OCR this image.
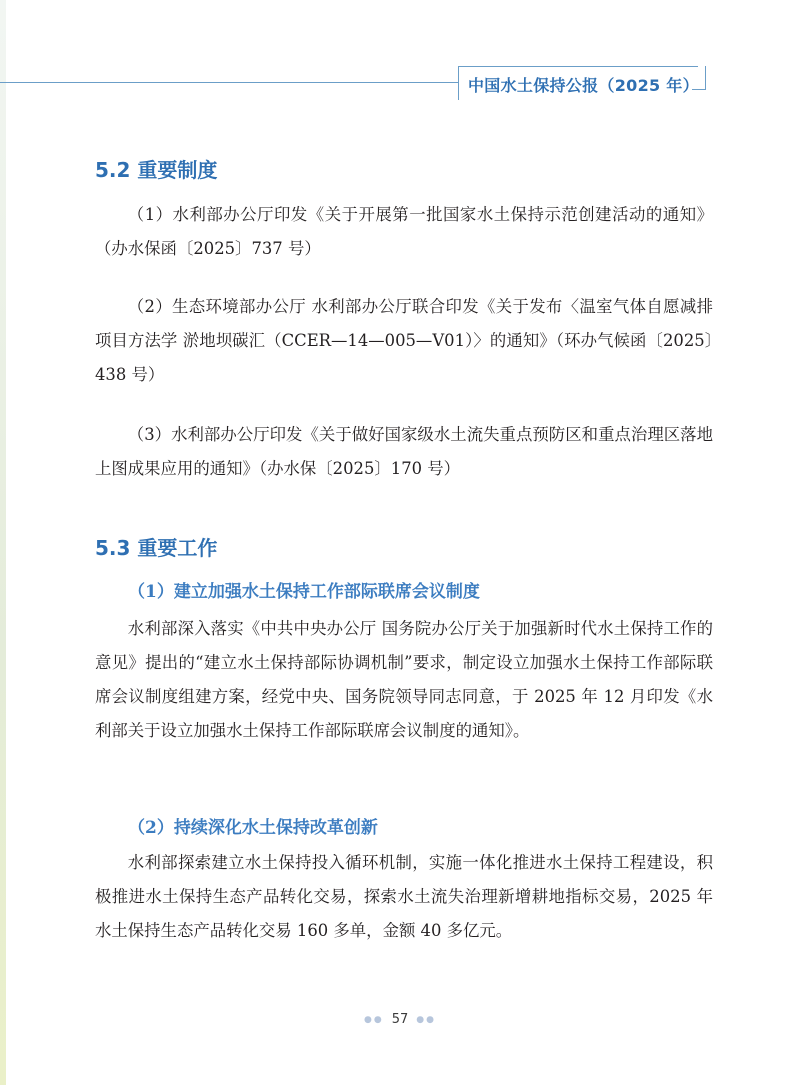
中国水土保持公报（2025 年）
5.2 重要制度

（1）水利部办公厅印发《关于开展第一批国家水土保持示范创建活动的通知》（办水保函〔2025〕737 号）

（2）生态环境部办公厅 水利部办公厅联合印发《关于发布〈温室气体自愿减排项目方法学 淤地坝碳汇（CCER—14—005—V01）〉的通知》（环办气候函〔2025〕438 号）

（3）水利部办公厅印发《关于做好国家级水土流失重点预防区和重点治理区落地上图成果应用的通知》（办水保〔2025〕170 号）

5.3 重要工作
（1）建立加强水土保持工作部际联席会议制度

水利部深入落实《中共中央办公厅 国务院办公厅关于加强新时代水土保持工作的意见》提出的“建立水土保持部际协调机制”要求，制定设立加强水土保持工作部际联席会议制度组建方案，经党中央、国务院领导同志同意，于 2025 年 12 月印发《水利部关于设立加强水土保持工作部际联席会议制度的通知》。

（2）持续深化水土保持改革创新

水利部探索建立水土保持投入循环机制，实施一体化推进水土保持工程建设，积极推进水土保持生态产品转化交易，探索水土流失治理新增耕地指标交易，2025 年水土保持生态产品转化交易 160 多单，金额 40 多亿元。

●● 57 ●●
